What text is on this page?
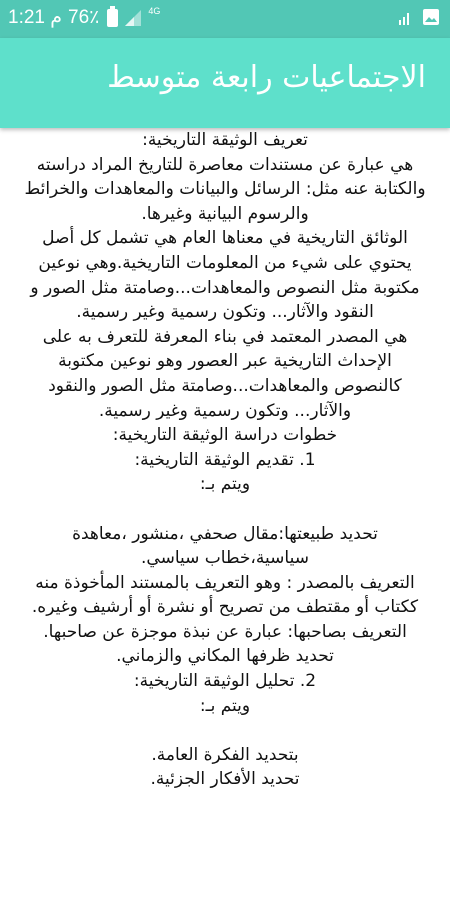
1:21 م 76٪	4G
الاجتماعيات رابعة متوسط
تعريف الوثيقة التاريخية:
هي عبارة عن مستندات معاصرة للتاريخ المراد دراسته
والكتابة عنه مثل: الرسائل والبيانات والمعاهدات والخرائط
والرسوم البيانية وغيرها.
الوثائق التاريخية في معناها العام هي تشمل كل أصل
يحتوي على شيء من المعلومات التاريخية.وهي نوعين
مكتوبة مثل النصوص والمعاهدات...وصامتة مثل الصور و
النقود والآثار... وتكون رسمية وغير رسمية.
هي المصدر المعتمد في بناء المعرفة للتعرف به على
الإحداث التاريخية عبر العصور وهو نوعين مكتوبة
كالنصوص والمعاهدات...وصامتة مثل الصور والنقود
والآثار... وتكون رسمية وغير رسمية.
خطوات دراسة الوثيقة التاريخية:
1. تقديم الوثيقة التاريخية:
ويتم بـ:
تحديد طبيعتها:مقال صحفي ،منشور ،معاهدة
سياسية،خطاب سياسي.
التعريف بالمصدر : وهو التعريف بالمستند المأخوذة منه
ككتاب أو مقتطف من تصريح أو نشرة أو أرشيف وغيره.
التعريف بصاحبها: عبارة عن نبذة موجزة عن صاحبها.
تحديد ظرفها المكاني والزماني.
2. تحليل الوثيقة التاريخية:
ويتم بـ:
بتحديد الفكرة العامة.
تحديد الأفكار الجزئية.
